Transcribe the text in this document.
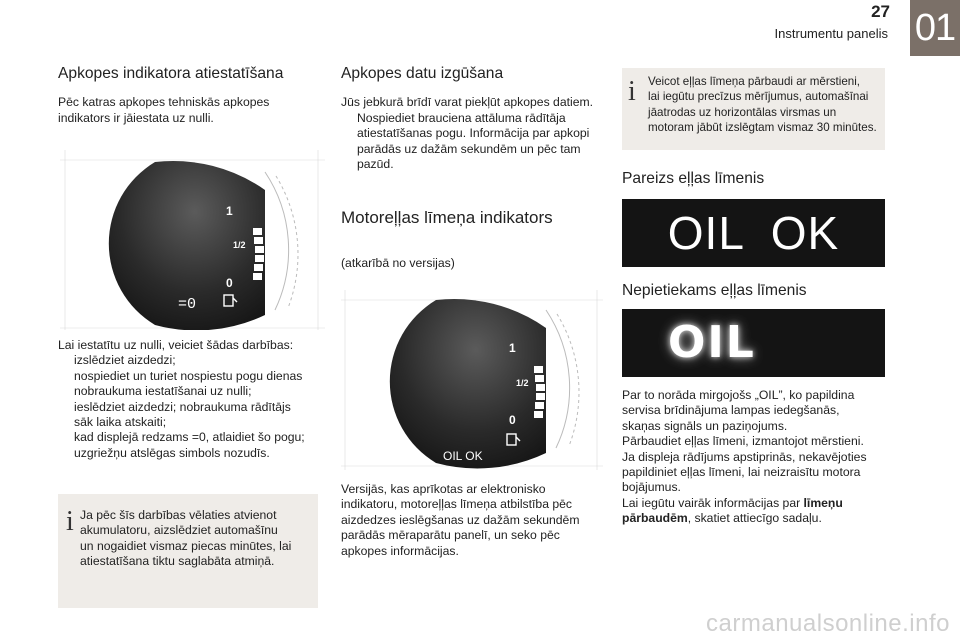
27
Instrumentu panelis 01
Apkopes indikatora atiestatīšana

Pēc katras apkopes tehniskās apkopes

indikators ir jāiestata uz nulli.

1
1/2
0
=0

Lai iestatītu uz nulli, veiciet šādas darbības:

izslēdziet aizdedzi;
nospiediet un turiet nospiestu pogu dienas
nobraukuma iestatīšanai uz nulli;
ieslēdziet aizdedzi; nobraukuma rādītājs
sāk laika atskaiti;
kad displejā redzams =0, atlaidiet šo pogu;
uzgriežņu atslēgas simbols nozudīs.
i Ja pēc šīs darbības vēlaties atvienot

akumulatoru, aizslēdziet automašīnu

un nogaidiet vismaz piecas minūtes, lai

atiestatīšana tiktu saglabāta atmiņā.

Apkopes datu izgūšana

Jūs jebkurā brīdī varat piekļūt apkopes datiem.

Nospiediet brauciena attāluma rādītāja
atiestatīšanas pogu. Informācija par apkopi
parādās uz dažām sekundēm un pēc tam
pazūd.
Motoreļļas līmeņa indikators

(atkarībā no versijas)

1
1/2
0
OIL OK

Versijās, kas aprīkotas ar elektronisko

indikatoru, motoreļļas līmeņa atbilstība pēc

aizdedzes ieslēgšanas uz dažām sekundēm

parādās mēraparātu panelī, un seko pēc

apkopes informācijas.

i Veicot eļļas līmeņa pārbaudi ar mērstieni,

lai iegūtu precīzus mērījumus, automašīnai

jāatrodas uz horizontālas virsmas un

motoram jābūt izslēgtam vismaz 30 minūtes.

Pareizs eļļas līmenis
OIL  OK
Nepietiekams eļļas līmenis
OIL

Par to norāda mirgojošs „OIL”, ko papildina

servisa brīdinājuma lampas iedegšanās,

skaņas signāls un paziņojums.

Pārbaudiet eļļas līmeni, izmantojot mērstieni.

Ja displeja rādījums apstiprinās, nekavējoties

papildiniet eļļas līmeni, lai neizraisītu motora

bojājumus.

Lai iegūtu vairāk informācijas par līmeņu

pārbaudēm, skatiet attiecīgo sadaļu.

carmanualsonline.info
